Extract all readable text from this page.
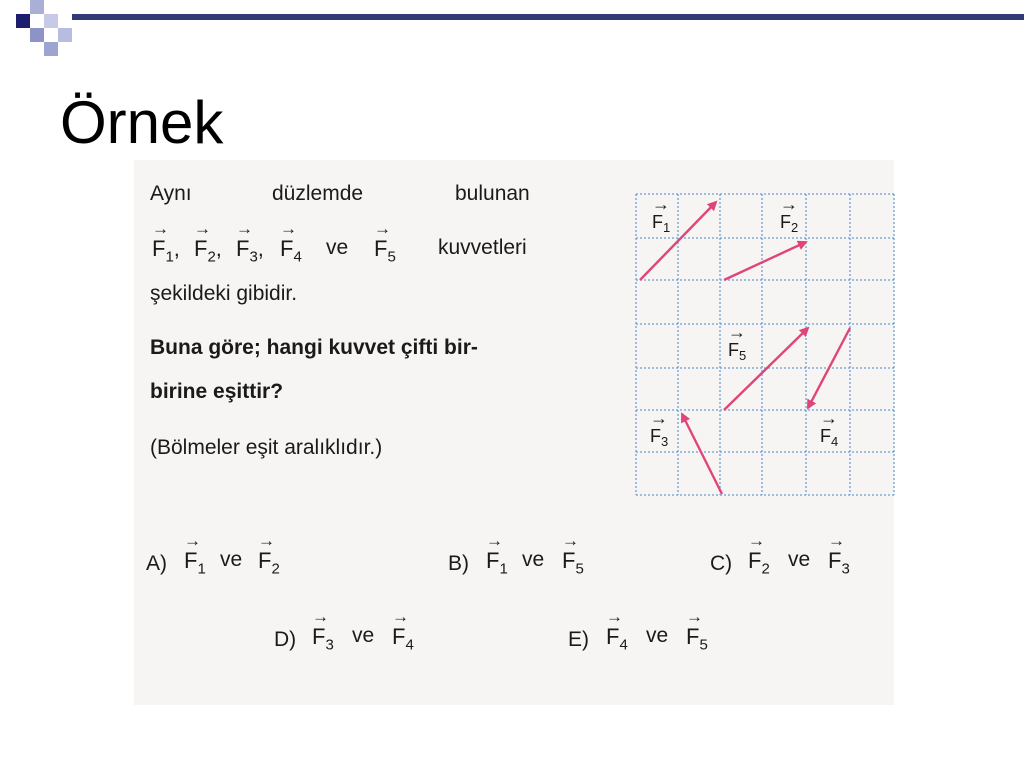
Örnek
Aynı	düzlemde	bulunan
→
$F_1$,
→
$F_2$,
→
$F_3$,
→
$F_4$ ve
→
$F_5$ kuvvetleri
şekildeki gibidir.
Buna göre; hangi kuvvet çifti bir-
birine eşittir?
(Bölmeler eşit aralıklıdır.)
$F_1$
→
$F_2$
→
$F_5$
→
$F_3$
→
$F_4$
→
A)
→
$F_1$ ve
→
$F_2$	B)
→
$F_1$ ve
→
$F_5$	C)
→
$F_2$ ve
→
$F_3$
D)
→
$F_3$ ve
→
$F_4$	E)
→
$F_4$ ve
→
$F_5$
